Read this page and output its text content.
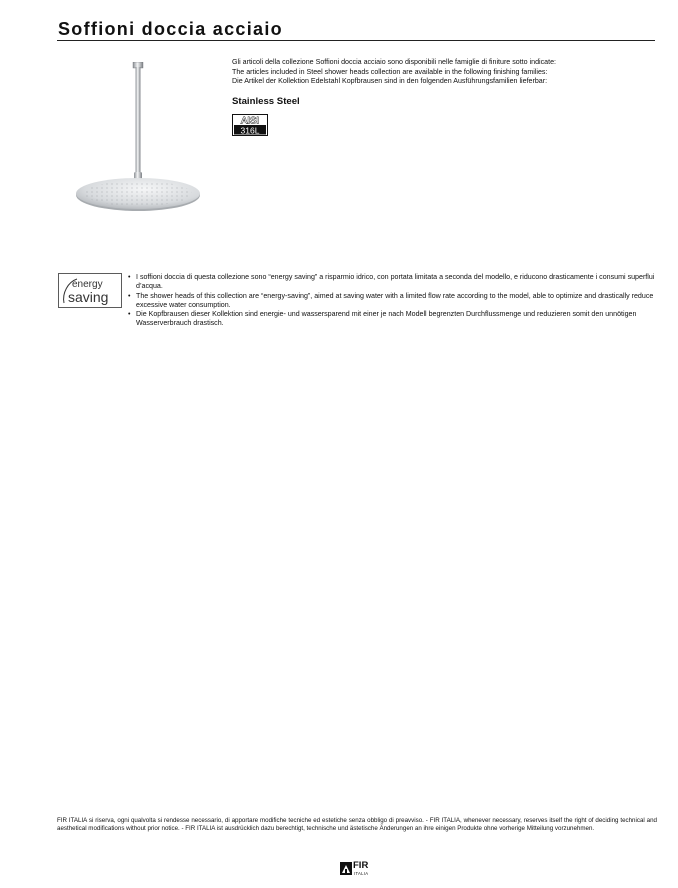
Soffioni doccia acciaio

Gli articoli della collezione Soffioni doccia acciaio sono disponibili nelle famiglie di finiture sotto indicate:

The articles included in Steel shower heads collection are available in the following finishing families:

Die Artikel der Kollektion Edelstahl Kopfbrausen sind in den folgenden Ausführungsfamilien lieferbar:

Stainless Steel
AISI
316L
energy
saving
• I soffioni doccia di questa collezione sono “energy saving” a risparmio idrico, con portata limitata a seconda del modello, e riducono drasticamente i consumi superflui d’acqua.
• The shower heads of this collection are “energy-saving”, aimed at saving water with a limited flow rate according to the model, able to optimize and drastically reduce excessive water consumption.
• Die Kopfbrausen dieser Kollektion sind energie- und wassersparend mit einer je nach Modell begrenzten Durchflussmenge und reduzieren somit den unnötigen Wasserverbrauch drastisch.

FIR ITALIA si riserva, ogni qualvolta si rendesse necessario, di apportare modifiche tecniche ed estetiche senza obbligo di preavviso. - FIR ITALIA, whenever necessary, reserves itself the right of deciding technical and aesthetical modifications without prior notice. - FIR ITALIA ist ausdrücklich dazu berechtigt, technische und ästetische Änderungen an ihre einigen Produkte ohne vorherige Mitteilung vorzunehmen.

FIR
ITALIA
